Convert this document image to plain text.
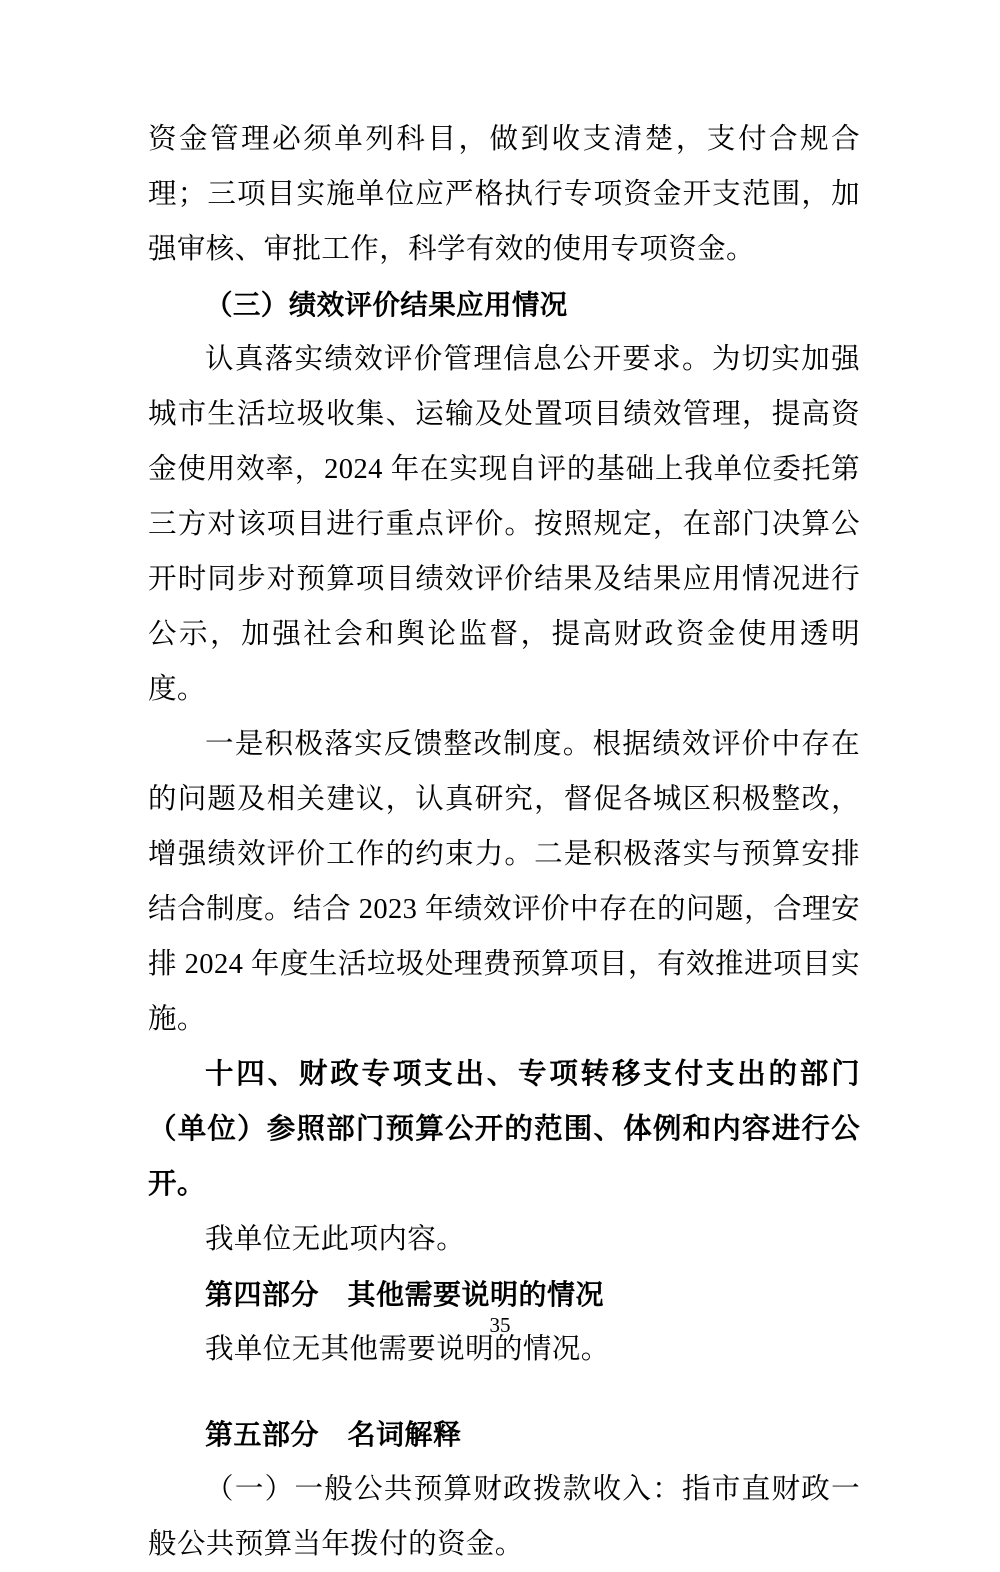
资金管理必须单列科目，做到收支清楚，支付合规合理；三项目实施单位应严格执行专项资金开支范围，加强审核、审批工作，科学有效的使用专项资金。

（三）绩效评价结果应用情况

认真落实绩效评价管理信息公开要求。为切实加强城市生活垃圾收集、运输及处置项目绩效管理，提高资金使用效率，2024 年在实现自评的基础上我单位委托第三方对该项目进行重点评价。按照规定，在部门决算公开时同步对预算项目绩效评价结果及结果应用情况进行公示，加强社会和舆论监督，提高财政资金使用透明度。

一是积极落实反馈整改制度。根据绩效评价中存在的问题及相关建议，认真研究，督促各城区积极整改，增强绩效评价工作的约束力。二是积极落实与预算安排结合制度。结合 2023 年绩效评价中存在的问题，合理安排 2024 年度生活垃圾处理费预算项目，有效推进项目实施。

十四、财政专项支出、专项转移支付支出的部门（单位）参照部门预算公开的范围、体例和内容进行公开。

我单位无此项内容。

第四部分　其他需要说明的情况

我单位无其他需要说明的情况。

第五部分　名词解释

（一）一般公共预算财政拨款收入：指市直财政一般公共预算当年拨付的资金。

35
